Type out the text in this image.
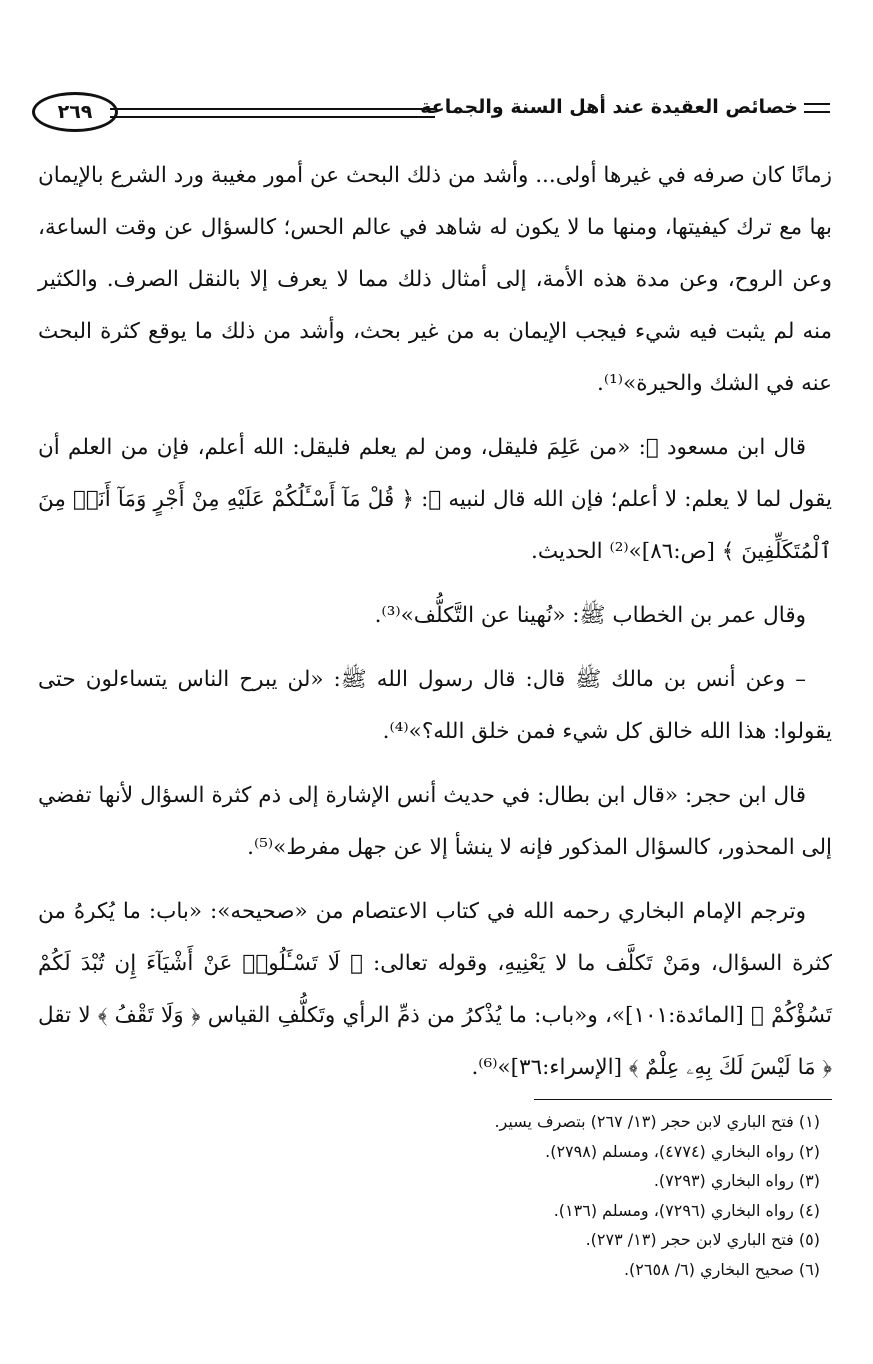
خصائص العقيدة عند أهل السنة والجماعة
٢٦٩

زمانًا كان صرفه في غيرها أولى... وأشد من ذلك البحث عن أمور مغيبة ورد الشرع بالإيمان بها مع ترك كيفيتها، ومنها ما لا يكون له شاهد في عالم الحس؛ كالسؤال عن وقت الساعة، وعن الروح، وعن مدة هذه الأمة، إلى أمثال ذلك مما لا يعرف إلا بالنقل الصرف. والكثير منه لم يثبت فيه شيء فيجب الإيمان به من غير بحث، وأشد من ذلك ما يوقع كثرة البحث عنه في الشك والحيرة»⁽¹⁾.

قال ابن مسعود ﷺ: «من عَلِمَ فليقل، ومن لم يعلم فليقل: الله أعلم، فإن من العلم أن يقول لما لا يعلم: لا أعلم؛ فإن الله قال لنبيه ﷺ: ﴿ قُلْ مَآ أَسْـَٔلُكُمْ عَلَيْهِ مِنْ أَجْرٍ وَمَآ أَنَا۠ مِنَ ٱلْمُتَكَلِّفِينَ ﴾ [ص:٨٦]»⁽²⁾ الحديث.

وقال عمر بن الخطاب ﷺ: «نُهينا عن التَّكلُّف»⁽³⁾.

– وعن أنس بن مالك ﷺ قال: قال رسول الله ﷺ: «لن يبرح الناس يتساءلون حتى يقولوا: هذا الله خالق كل شيء فمن خلق الله؟»⁽⁴⁾.

قال ابن حجر: «قال ابن بطال: في حديث أنس الإشارة إلى ذم كثرة السؤال لأنها تفضي إلى المحذور، كالسؤال المذكور فإنه لا ينشأ إلا عن جهل مفرط»⁽⁵⁾.

وترجم الإمام البخاري رحمه الله في كتاب الاعتصام من «صحيحه»: «باب: ما يُكرهُ من كثرة السؤال، ومَنْ تَكلَّف ما لا يَعْنِيهِ، وقوله تعالى: ﴿ لَا تَسْـَٔلُوا۟ عَنْ أَشْيَآءَ إِن تُبْدَ لَكُمْ تَسُؤْكُمْ ﴾ [المائدة:١٠١]»، و«باب: ما يُذْكرُ من ذمِّ الرأي وتَكلُّفِ القياس ﴿ وَلَا تَقْفُ ﴾ لا تقل ﴿ مَا لَيْسَ لَكَ بِهِۦ عِلْمٌ ﴾ [الإسراء:٣٦]»⁽⁶⁾.

(١) فتح الباري لابن حجر (١٣/ ٢٦٧) بتصرف يسير.
(٢) رواه البخاري (٤٧٧٤)، ومسلم (٢٧٩٨).
(٣) رواه البخاري (٧٢٩٣).
(٤) رواه البخاري (٧٢٩٦)، ومسلم (١٣٦).
(٥) فتح الباري لابن حجر (١٣/ ٢٧٣).
(٦) صحيح البخاري (٦/ ٢٦٥٨).
